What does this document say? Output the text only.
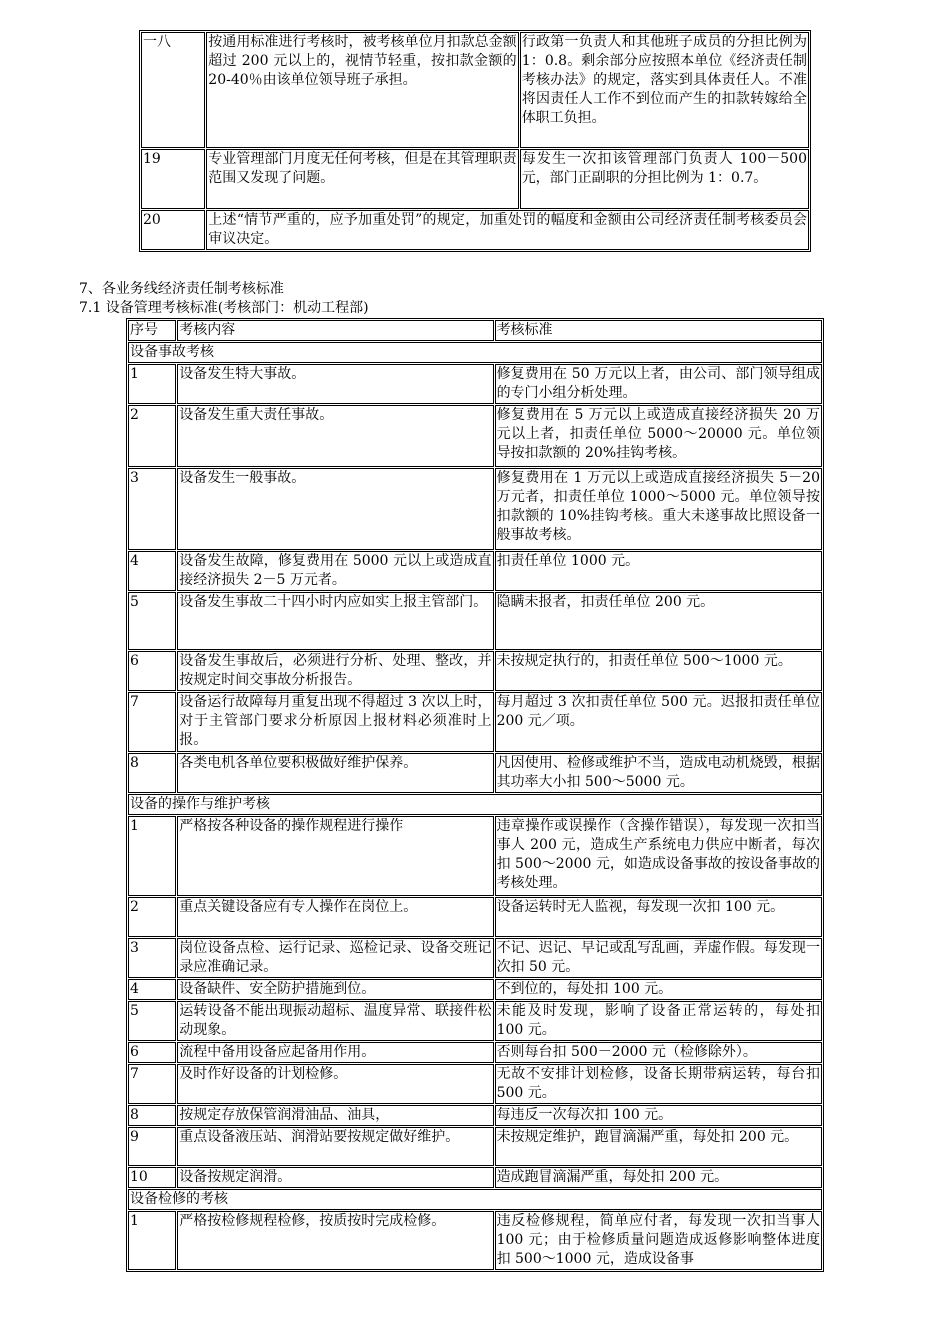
一八	按通用标准进行考核时，被考核单位月扣款总金额超过 200 元以上的，视情节轻重，按扣款金额的 20-40％由该单位领导班子承担。	行政第一负责人和其他班子成员的分担比例为 1：0.8。剩余部分应按照本单位《经济责任制考核办法》的规定，落实到具体责任人。不准将因责任人工作不到位而产生的扣款转嫁给全体职工负担。
19	专业管理部门月度无任何考核，但是在其管理职责范围又发现了问题。	每发生一次扣该管理部门负责人 100－500 元，部门正副职的分担比例为 1：0.7。
20	上述“情节严重的，应予加重处罚”的规定，加重处罚的幅度和金额由公司经济责任制考核委员会审议决定。	
7、各业务线经济责任制考核标准
7.1 设备管理考核标准(考核部门：机动工程部)
序号	考核内容	考核标准
设备事故考核		
1	设备发生特大事故。	修复费用在 50 万元以上者，由公司、部门领导组成的专门小组分析处理。
2	设备发生重大责任事故。	修复费用在 5 万元以上或造成直接经济损失 20 万元以上者，扣责任单位 5000～20000 元。单位领导按扣款额的 20%挂钩考核。
3	设备发生一般事故。	修复费用在 1 万元以上或造成直接经济损失 5－20 万元者，扣责任单位 1000～5000 元。单位领导按扣款额的 10%挂钩考核。重大未遂事故比照设备一般事故考核。
4	设备发生故障，修复费用在 5000 元以上或造成直接经济损失 2－5 万元者。	扣责任单位 1000 元。
5	设备发生事故二十四小时内应如实上报主管部门。	隐瞒未报者，扣责任单位 200 元。
6	设备发生事故后，必须进行分析、处理、整改，并按规定时间交事故分析报告。	未按规定执行的，扣责任单位 500～1000 元。
7	设备运行故障每月重复出现不得超过 3 次以上时，对于主管部门要求分析原因上报材料必须准时上报。	每月超过 3 次扣责任单位 500 元。迟报扣责任单位 200 元／项。
8	各类电机各单位要积极做好维护保养。	凡因使用、检修或维护不当，造成电动机烧毁，根据其功率大小扣 500～5000 元。
设备的操作与维护考核		
1	严格按各种设备的操作规程进行操作	违章操作或误操作（含操作错误），每发现一次扣当事人 200 元，造成生产系统电力供应中断者，每次扣 500～2000 元，如造成设备事故的按设备事故的考核处理。
2	重点关键设备应有专人操作在岗位上。	设备运转时无人监视，每发现一次扣 100 元。
3	岗位设备点检、运行记录、巡检记录、设备交班记录应准确记录。	不记、迟记、早记或乱写乱画，弄虚作假。每发现一次扣 50 元。
4	设备缺件、安全防护措施到位。	不到位的，每处扣 100 元。
5	运转设备不能出现振动超标、温度异常、联接件松动现象。	未能及时发现，影响了设备正常运转的，每处扣 100 元。
6	流程中备用设备应起备用作用。	否则每台扣 500－2000 元（检修除外）。
7	及时作好设备的计划检修。	无故不安排计划检修，设备长期带病运转，每台扣 500 元。
8	按规定存放保管润滑油品、油具，	每违反一次每次扣 100 元。
9	重点设备液压站、润滑站要按规定做好维护。	未按规定维护，跑冒滴漏严重，每处扣 200 元。
10	设备按规定润滑。	造成跑冒滴漏严重，每处扣 200 元。
设备检修的考核		
1	严格按检修规程检修，按质按时完成检修。	违反检修规程，简单应付者，每发现一次扣当事人 100 元；由于检修质量问题造成返修影响整体进度扣 500～1000 元，造成设备事
